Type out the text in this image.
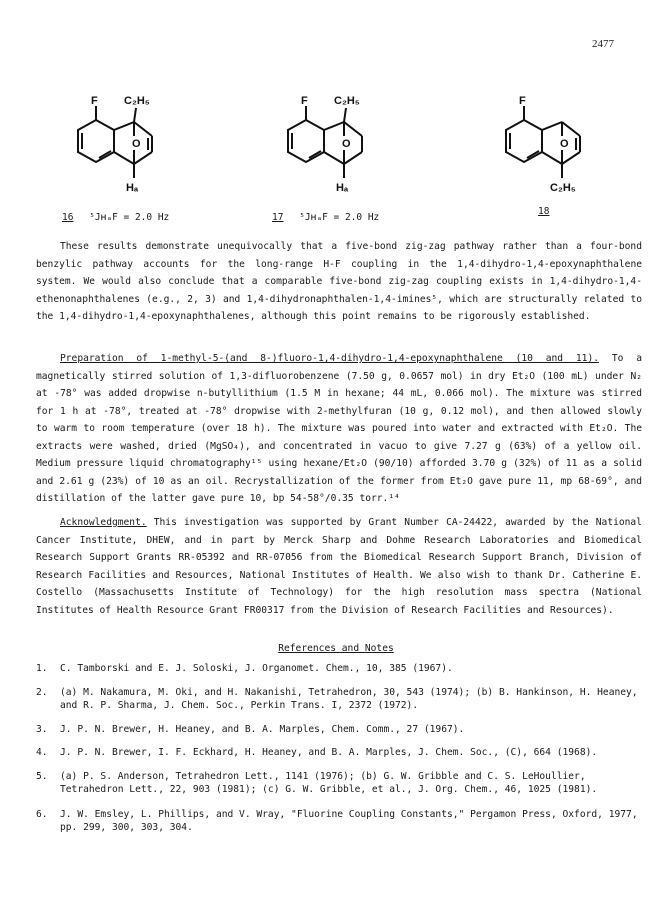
2477
O
F C₂H₅
Hₐ
16 ⁵JʜₐF = 2.0 Hz
O
F C₂H₅
Hₐ
17 ⁵JʜₐF = 2.0 Hz
O
F
C₂H₅
18

These results demonstrate unequivocally that a five-bond zig-zag pathway rather than a four-bond benzylic pathway accounts for the long-range H-F coupling in the 1,4-dihydro-1,4-epoxynaphthalene system. We would also conclude that a comparable five-bond zig-zag coupling exists in 1,4-dihydro-1,4-ethenonaphthalenes (e.g., 2, 3) and 1,4-dihydronaphthalen-1,4-imines⁵, which are structurally related to the 1,4-dihydro-1,4-epoxynaphthalenes, although this point remains to be rigorously established.

Preparation of 1-methyl-5-(and 8-)fluoro-1,4-dihydro-1,4-epoxynaphthalene (10 and 11). To a magnetically stirred solution of 1,3-difluorobenzene (7.50 g, 0.0657 mol) in dry Et₂O (100 mL) under N₂ at -78° was added dropwise n-butyllithium (1.5 M in hexane; 44 mL, 0.066 mol). The mixture was stirred for 1 h at -78°, treated at -78° dropwise with 2-methylfuran (10 g, 0.12 mol), and then allowed slowly to warm to room temperature (over 18 h). The mixture was poured into water and extracted with Et₂O. The extracts were washed, dried (MgSO₄), and concentrated in vacuo to give 7.27 g (63%) of a yellow oil. Medium pressure liquid chromatography¹⁵ using hexane/Et₂O (90/10) afforded 3.70 g (32%) of 11 as a solid and 2.61 g (23%) of 10 as an oil. Recrystallization of the former from Et₂O gave pure 11, mp 68-69°, and distillation of the latter gave pure 10, bp 54-58°/0.35 torr.¹⁴

Acknowledgment. This investigation was supported by Grant Number CA-24422, awarded by the National Cancer Institute, DHEW, and in part by Merck Sharp and Dohme Research Laboratories and Biomedical Research Support Grants RR-05392 and RR-07056 from the Biomedical Research Support Branch, Division of Research Facilities and Resources, National Institutes of Health. We also wish to thank Dr. Catherine E. Costello (Massachusetts Institute of Technology) for the high resolution mass spectra (National Institutes of Health Resource Grant FR00317 from the Division of Research Facilities and Resources).

References and Notes
1. C. Tamborski and E. J. Soloski, J. Organomet. Chem., 10, 385 (1967).
2. (a) M. Nakamura, M. Oki, and H. Nakanishi, Tetrahedron, 30, 543 (1974); (b) B. Hankinson, H. Heaney, and R. P. Sharma, J. Chem. Soc., Perkin Trans. I, 2372 (1972).
3. J. P. N. Brewer, H. Heaney, and B. A. Marples, Chem. Comm., 27 (1967).
4. J. P. N. Brewer, I. F. Eckhard, H. Heaney, and B. A. Marples, J. Chem. Soc., (C), 664 (1968).
5. (a) P. S. Anderson, Tetrahedron Lett., 1141 (1976); (b) G. W. Gribble and C. S. LeHoullier, Tetrahedron Lett., 22, 903 (1981); (c) G. W. Gribble, et al., J. Org. Chem., 46, 1025 (1981).
6. J. W. Emsley, L. Phillips, and V. Wray, "Fluorine Coupling Constants," Pergamon Press, Oxford, 1977, pp. 299, 300, 303, 304.
